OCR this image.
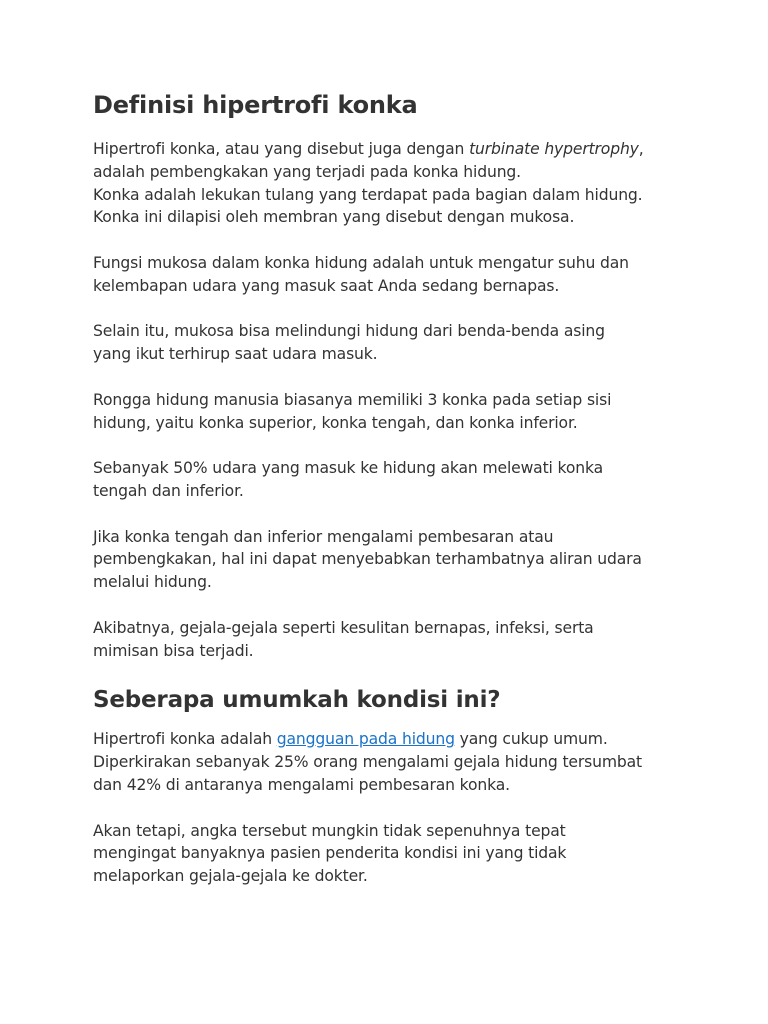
Definisi hipertrofi konka

Hipertrofi konka, atau yang disebut juga dengan turbinate hypertrophy,
adalah pembengkakan yang terjadi pada konka hidung.
Konka adalah lekukan tulang yang terdapat pada bagian dalam hidung.
Konka ini dilapisi oleh membran yang disebut dengan mukosa.

Fungsi mukosa dalam konka hidung adalah untuk mengatur suhu dan
kelembapan udara yang masuk saat Anda sedang bernapas.

Selain itu, mukosa bisa melindungi hidung dari benda-benda asing
yang ikut terhirup saat udara masuk.

Rongga hidung manusia biasanya memiliki 3 konka pada setiap sisi
hidung, yaitu konka superior, konka tengah, dan konka inferior.

Sebanyak 50% udara yang masuk ke hidung akan melewati konka
tengah dan inferior.

Jika konka tengah dan inferior mengalami pembesaran atau
pembengkakan, hal ini dapat menyebabkan terhambatnya aliran udara
melalui hidung.

Akibatnya, gejala-gejala seperti kesulitan bernapas, infeksi, serta
mimisan bisa terjadi.

Seberapa umumkah kondisi ini?

Hipertrofi konka adalah gangguan pada hidung yang cukup umum.
Diperkirakan sebanyak 25% orang mengalami gejala hidung tersumbat
dan 42% di antaranya mengalami pembesaran konka.

Akan tetapi, angka tersebut mungkin tidak sepenuhnya tepat
mengingat banyaknya pasien penderita kondisi ini yang tidak
melaporkan gejala-gejala ke dokter.
